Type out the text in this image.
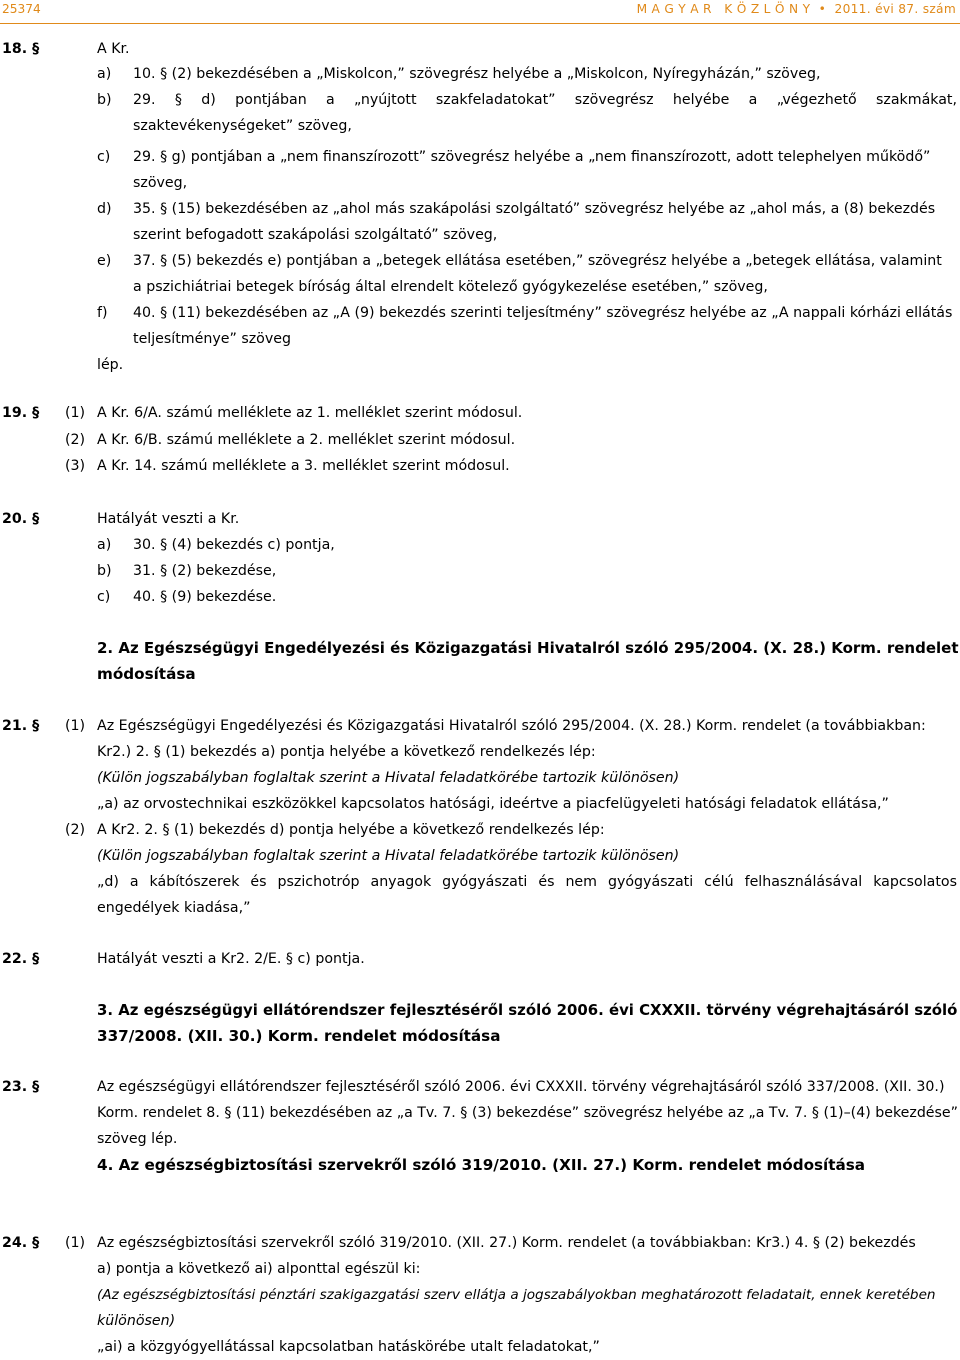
25374	M A G Y A R   K Ö Z L Ö N Y  •  2011. évi 87. szám
18. §	A Kr.
a) 10. § (2) bekezdésében a „Miskolcon,” szövegrész helyébe a „Miskolcon, Nyíregyházán,” szöveg,
b) 29. § d) pontjában a „nyújtott szakfeladatokat” szövegrész helyébe a „végezhető szakmákat,
szaktevékenységeket” szöveg,
c) 29. § g) pontjában a „nem finanszírozott” szövegrész helyébe a „nem finanszírozott, adott telephelyen működő”
szöveg,
d) 35. § (15) bekezdésében az „ahol más szakápolási szolgáltató” szövegrész helyébe az „ahol más, a (8) bekezdés
szerint befogadott szakápolási szolgáltató” szöveg,
e) 37. § (5) bekezdés e) pontjában a „betegek ellátása esetében,” szövegrész helyébe a „betegek ellátása, valamint
a pszichiátriai betegek bíróság által elrendelt kötelező gyógykezelése esetében,” szöveg,
f) 40. § (11) bekezdésében az „A (9) bekezdés szerinti teljesítmény” szövegrész helyébe az „A nappali kórházi ellátás
teljesítménye” szöveg
lép.
19. § (1) A Kr. 6/A. számú melléklete az 1. melléklet szerint módosul.
(2) A Kr. 6/B. számú melléklete a 2. melléklet szerint módosul.
(3) A Kr. 14. számú melléklete a 3. melléklet szerint módosul.
20. §	Hatályát veszti a Kr.
a) 30. § (4) bekezdés c) pontja,
b) 31. § (2) bekezdése,
c) 40. § (9) bekezdése.
2. Az Egészségügyi Engedélyezési és Közigazgatási Hivatalról szóló 295/2004. (X. 28.) Korm. rendelet
módosítása
21. § (1) Az Egészségügyi Engedélyezési és Közigazgatási Hivatalról szóló 295/2004. (X. 28.) Korm. rendelet (a továbbiakban:
Kr2.) 2. § (1) bekezdés a) pontja helyébe a következő rendelkezés lép:
(Külön jogszabályban foglaltak szerint a Hivatal feladatkörébe tartozik különösen)
„a) az orvostechnikai eszközökkel kapcsolatos hatósági, ideértve a piacfelügyeleti hatósági feladatok ellátása,”
(2) A Kr2. 2. § (1) bekezdés d) pontja helyébe a következő rendelkezés lép:
(Külön jogszabályban foglaltak szerint a Hivatal feladatkörébe tartozik különösen)
„d) a kábítószerek és pszichotróp anyagok gyógyászati és nem gyógyászati célú felhasználásával kapcsolatos
engedélyek kiadása,”
22. §	Hatályát veszti a Kr2. 2/E. § c) pontja.
3. Az egészségügyi ellátórendszer fejlesztéséről szóló 2006. évi CXXXII. törvény végrehajtásáról szóló
337/2008. (XII. 30.) Korm. rendelet módosítása
23. §	Az egészségügyi ellátórendszer fejlesztéséről szóló 2006. évi CXXXII. törvény végrehajtásáról szóló 337/2008. (XII. 30.)
Korm. rendelet 8. § (11) bekezdésében az „a Tv. 7. § (3) bekezdése” szövegrész helyébe az „a Tv. 7. § (1)–(4) bekezdése”
szöveg lép.
4. Az egészségbiztosítási szervekről szóló 319/2010. (XII. 27.) Korm. rendelet módosítása
24. § (1) Az egészségbiztosítási szervekről szóló 319/2010. (XII. 27.) Korm. rendelet (a továbbiakban: Kr3.) 4. § (2) bekezdés
a) pontja a következő ai) alponttal egészül ki:
(Az egészségbiztosítási pénztári szakigazgatási szerv ellátja a jogszabályokban meghatározott feladatait, ennek keretében
különösen)
„ai) a közgyógyellátással kapcsolatban hatáskörébe utalt feladatokat,”
